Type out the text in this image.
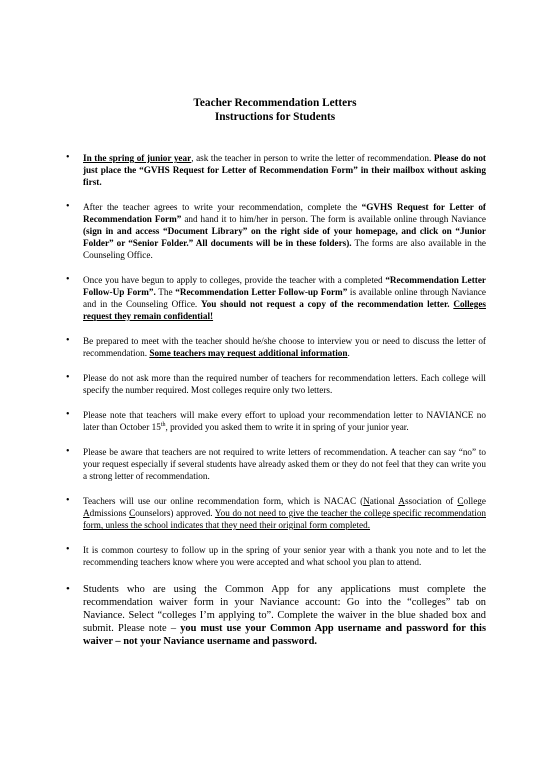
Teacher Recommendation Letters
Instructions for Students
• In the spring of junior year, ask the teacher in person to write the letter of recommendation. Please do not just place the “GVHS Request for Letter of Recommendation Form” in their mailbox without asking first.
• After the teacher agrees to write your recommendation, complete the “GVHS Request for Letter of Recommendation Form” and hand it to him/her in person. The form is available online through Naviance (sign in and access “Document Library” on the right side of your homepage, and click on “Junior Folder” or “Senior Folder.” All documents will be in these folders). The forms are also available in the Counseling Office.
• Once you have begun to apply to colleges, provide the teacher with a completed “Recommendation Letter Follow-Up Form”. The “Recommendation Letter Follow-up Form” is available online through Naviance and in the Counseling Office. You should not request a copy of the recommendation letter. Colleges request they remain confidential!
• Be prepared to meet with the teacher should he/she choose to interview you or need to discuss the letter of recommendation. Some teachers may request additional information.
• Please do not ask more than the required number of teachers for recommendation letters. Each college will specify the number required. Most colleges require only two letters.
• Please note that teachers will make every effort to upload your recommendation letter to NAVIANCE no later than October 15th, provided you asked them to write it in spring of your junior year.
• Please be aware that teachers are not required to write letters of recommendation. A teacher can say “no” to your request especially if several students have already asked them or they do not feel that they can write you a strong letter of recommendation.
• Teachers will use our online recommendation form, which is NACAC (National Association of College Admissions Counselors) approved. You do not need to give the teacher the college specific recommendation form, unless the school indicates that they need their original form completed.
• It is common courtesy to follow up in the spring of your senior year with a thank you note and to let the recommending teachers know where you were accepted and what school you plan to attend.
• Students who are using the Common App for any applications must complete the recommendation waiver form in your Naviance account: Go into the “colleges” tab on Naviance. Select “colleges I’m applying to”. Complete the waiver in the blue shaded box and submit. Please note – you must use your Common App username and password for this waiver – not your Naviance username and password.
